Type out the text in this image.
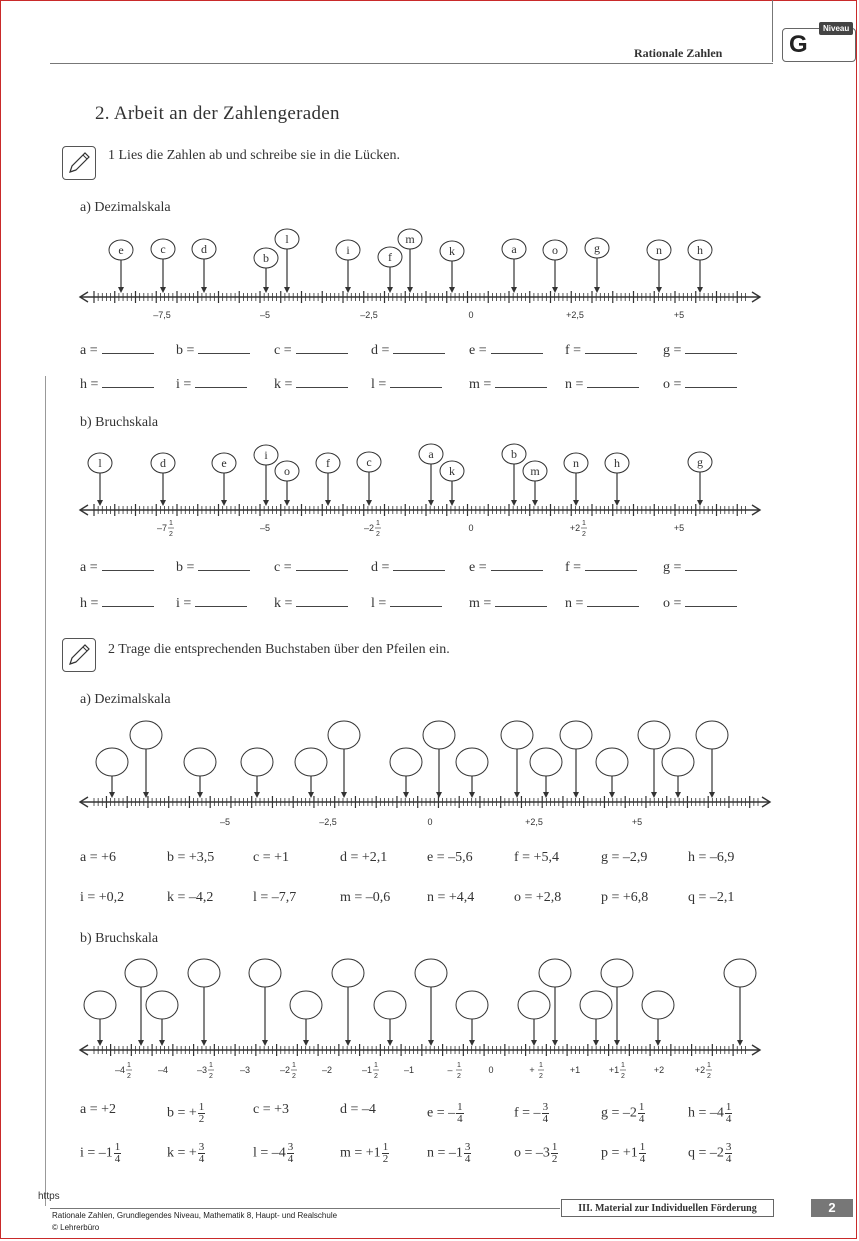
Rationale Zahlen	G
Niveau
2. Arbeit an der Zahlengeraden
1 Lies die Zahlen ab und schreibe sie in die Lücken.
a) Dezimalskala
–7,5	–5	–2,5	0	+2,5	+5
e	c	d
b
l
i	f
m
k	a	o	g	n	h
a =	b =	c =	d =	e =	f =	g =
h =	i =	k =	l =	m =	n =	o =
b) Bruchskala
–7	–5	–2	0	+2	+5
1
2
1
2
1
2
l	d	e
i
o
f	c
a
k
b
m
n	h	g
a =	b =	c =	d =	e =	f =	g =
h =	i =	k =	l =	m =	n =	o =
2 Trage die entsprechenden Buchstaben über den Pfeilen ein.
a) Dezimalskala
–5	–2,5	0	+2,5	+5
a = +6	b = +3,5	c = +1	d = +2,1	e = –5,6	f = +5,4	g = –2,9	h = –6,9
i = +0,2	k = –4,2	l = –7,7	m = –0,6	n = +4,4	o = +2,8	p = +6,8	q = –2,1
b) Bruchskala
–4	–4	–3	–3	–2	–2	–1	–1	–	0	+	+1	+1	+2	+2
1
2
1
2
1
2
1
2
1
2
1
2
1
2
1
2
a = +2	b = + $\frac{1}{2}$	c = +3	d = –4	e = – $\frac{1}{4}$	f = – $\frac{3}{4}$	$g = -2 \frac{1}{4}$	$h = -4 \frac{1}{4}$
$i = -1 \frac{1}{4}$	k = + $\frac{3}{4}$	$l = -4 \frac{3}{4}$	$m = +1 \frac{1}{2}$	$n = -1 \frac{3}{4}$	$o = -3 \frac{1}{2}$	$p = +1 \frac{1}{4}$	$q = -2 \frac{3}{4}$
https
Rationale Zahlen, Grundlegendes Niveau, Mathematik 8, Haupt- und Realschule
© Lehrerbüro
III. Material zur Individuellen Förderung	2
